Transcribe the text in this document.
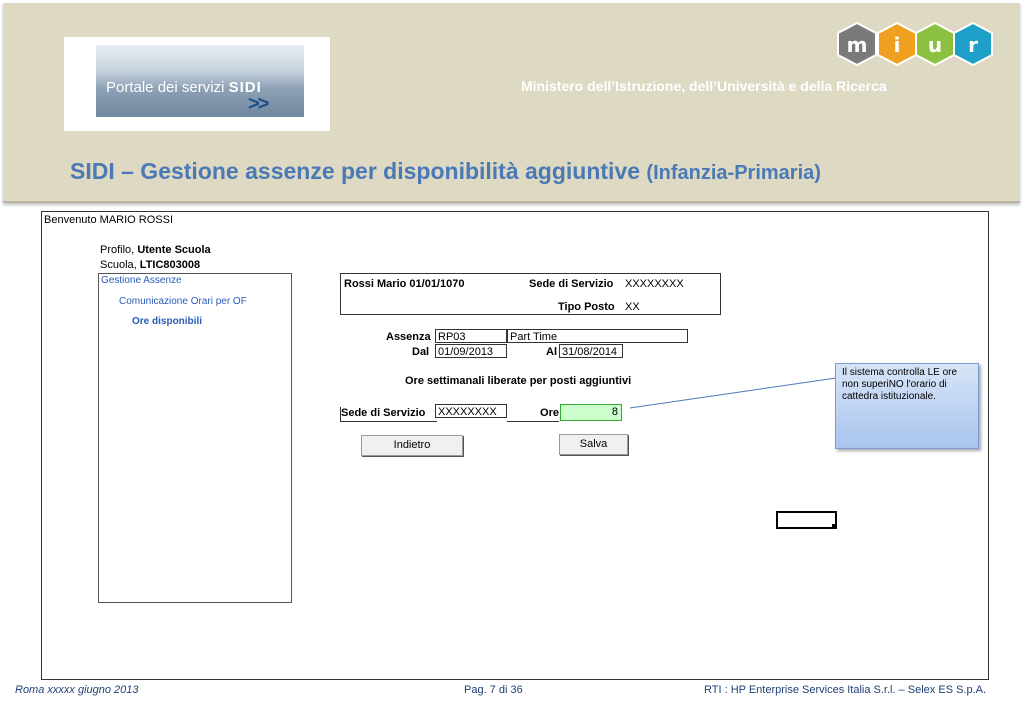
Portale dei servizi SIDI
>>
m i u r
Ministero dell’Istruzione, dell’Università e della Ricerca
SIDI – Gestione assenze per disponibilità aggiuntive (Infanzia-Primaria)
Benvenuto MARIO ROSSI
Profilo, Utente Scuola
Scuola, LTIC803008
Gestione Assenze
Comunicazione Orari per OF
Ore disponibili
Rossi Mario 01/01/1070	Sede di Servizio XXXXXXXX
Tipo Posto XX
Assenza RP03	Part Time
Dal 01/09/2013	Al 31/08/2014
Ore settimanali liberate per posti aggiuntivi
Sede di Servizio	XXXXXXXX	Ore	8
Indietro	Salva
Il sistema controlla LE ore non superiNO l'orario di cattedra istituzionale.
Roma xxxxx giugno 2013	Pag. 7 di 36	RTI : HP Enterprise Services Italia S.r.l. – Selex ES S.p.A.
